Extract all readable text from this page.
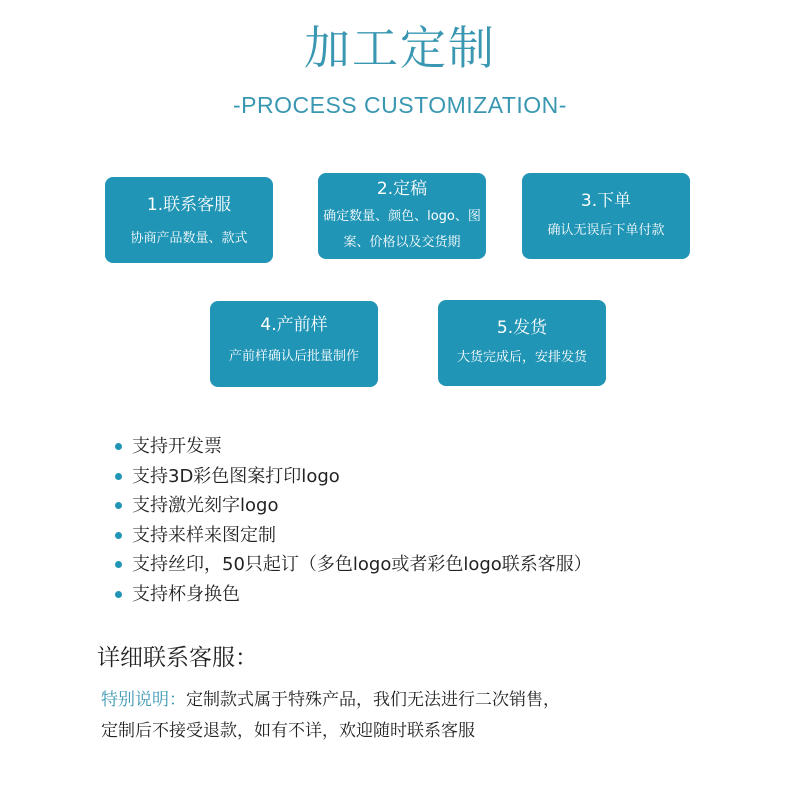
加工定制
-PROCESS CUSTOMIZATION-
1.联系客服
协商产品数量、款式
2.定稿
确定数量、颜色、logo、图案、价格以及交货期
3.下单
确认无误后下单付款
4.产前样
产前样确认后批量制作
5.发货
大货完成后，安排发货
支持开发票
支持3D彩色图案打印logo
支持激光刻字logo
支持来样来图定制
支持丝印，50只起订（多色logo或者彩色logo联系客服）
支持杯身换色
详细联系客服：
特别说明：定制款式属于特殊产品，我们无法进行二次销售，
定制后不接受退款，如有不详，欢迎随时联系客服
